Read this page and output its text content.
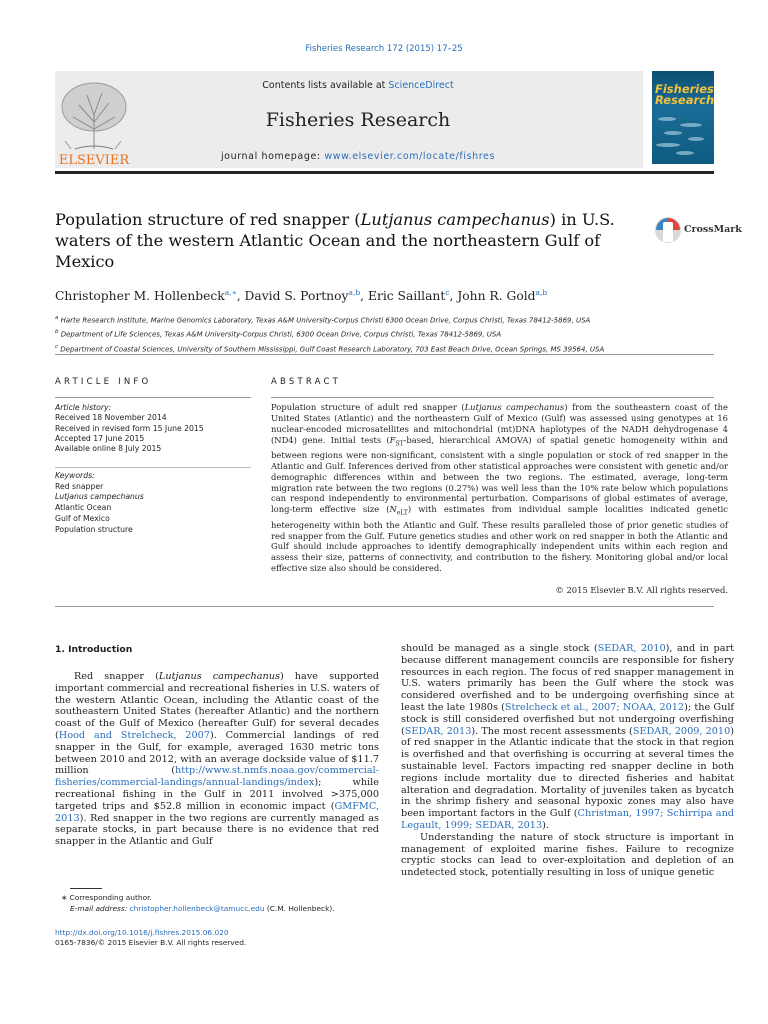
Fisheries Research 172 (2015) 17–25
ELSEVIER
Contents lists available at ScienceDirect
Fisheries Research
journal homepage: www.elsevier.com/locate/fishres
Fisheries
Research
Population structure of red snapper (Lutjanus campechanus) in U.S. waters of the western Atlantic Ocean and the northeastern Gulf of Mexico
CrossMark
Christopher M. Hollenbeck$^{a,∗}$, David S. Portnoy$^{a,b}$, Eric Saillant$^c$, John R. Gold$^{a,b}$
$^a$ Harte Research Institute, Marine Genomics Laboratory, Texas A&M University-Corpus Christi 6300 Ocean Drive, Corpus Christi, Texas 78412-5869, USA
$^b$ Department of Life Sciences, Texas A&M University-Corpus Christi, 6300 Ocean Drive, Corpus Christi, Texas 78412-5869, USA
$^c$ Department of Coastal Sciences, University of Southern Mississippi, Gulf Coast Research Laboratory, 703 East Beach Drive, Ocean Springs, MS 39564, USA
ARTICLE INFO
Article history:
Received 18 November 2014
Received in revised form 15 June 2015
Accepted 17 June 2015
Available online 8 July 2015
Keywords:
Red snapper
Lutjanus campechanus
Atlantic Ocean
Gulf of Mexico
Population structure
ABSTRACT
Population structure of adult red snapper (Lutjanus campechanus) from the southeastern coast of the United States (Atlantic) and the northeastern Gulf of Mexico (Gulf) was assessed using genotypes at 16 nuclear-encoded microsatellites and mitochondrial (mt)DNA haplotypes of the NADH dehydrogenase 4 (ND4) gene. Initial tests ($F_{ST}$-based, hierarchical AMOVA) of spatial genetic homogeneity within and between regions were non-significant, consistent with a single population or stock of red snapper in the Atlantic and Gulf. Inferences derived from other statistical approaches were consistent with genetic and/or demographic differences within and between the two regions. The estimated, average, long-term migration rate between the two regions (0.27%) was well less than the 10% rate below which populations can respond independently to environmental perturbation. Comparisons of global estimates of average, long-term effective size $(N_{eLT})$ with estimates from individual sample localities indicated genetic heterogeneity within both the Atlantic and Gulf. These results paralleled those of prior genetic studies of red snapper from the Gulf. Future genetics studies and other work on red snapper in both the Atlantic and Gulf should include approaches to identify demographically independent units within each region and assess their size, patterns of connectivity, and contribution to the fishery. Monitoring global and/or local effective size also should be considered.
© 2015 Elsevier B.V. All rights reserved.
1. Introduction
Red snapper (Lutjanus campechanus) have supported important commercial and recreational fisheries in U.S. waters of the western Atlantic Ocean, including the Atlantic coast of the southeastern United States (hereafter Atlantic) and the northern coast of the Gulf of Mexico (hereafter Gulf) for several decades (Hood and Strelcheck, 2007). Commercial landings of red snapper in the Gulf, for example, averaged 1630 metric tons between 2010 and 2012, with an average dockside value of $11.7 million (http://www.st.nmfs.noaa.gov/commercial-fisheries/commercial-landings/annual-landings/index); while recreational fishing in the Gulf in 2011 involved >375,000 targeted trips and $52.8 million in economic impact (GMFMC, 2013). Red snapper in the two regions are currently managed as separate stocks, in part because there is no evidence that red snapper in the Atlantic and Gulf
should be managed as a single stock (SEDAR, 2010), and in part because different management councils are responsible for fishery resources in each region. The focus of red snapper management in U.S. waters primarily has been the Gulf where the stock was considered overfished and to be undergoing overfishing since at least the late 1980s (Strelcheck et al., 2007; NOAA, 2012); the Gulf stock is still considered overfished but not undergoing overfishing (SEDAR, 2013). The most recent assessments (SEDAR, 2009, 2010) of red snapper in the Atlantic indicate that the stock in that region is overfished and that overfishing is occurring at several times the sustainable level. Factors impacting red snapper decline in both regions include mortality due to directed fisheries and habitat alteration and degradation. Mortality of juveniles taken as bycatch in the shrimp fishery and seasonal hypoxic zones may also have been important factors in the Gulf (Christman, 1997; Schirripa and Legault, 1999; SEDAR, 2013).
Understanding the nature of stock structure is important in management of exploited marine fishes. Failure to recognize cryptic stocks can lead to over-exploitation and depletion of an undetected stock, potentially resulting in loss of unique genetic
∗ Corresponding author.
E-mail address: christopher.hollenbeck@tamucc.edu (C.M. Hollenbeck).
http://dx.doi.org/10.1016/j.fishres.2015.06.020
0165-7836/© 2015 Elsevier B.V. All rights reserved.
